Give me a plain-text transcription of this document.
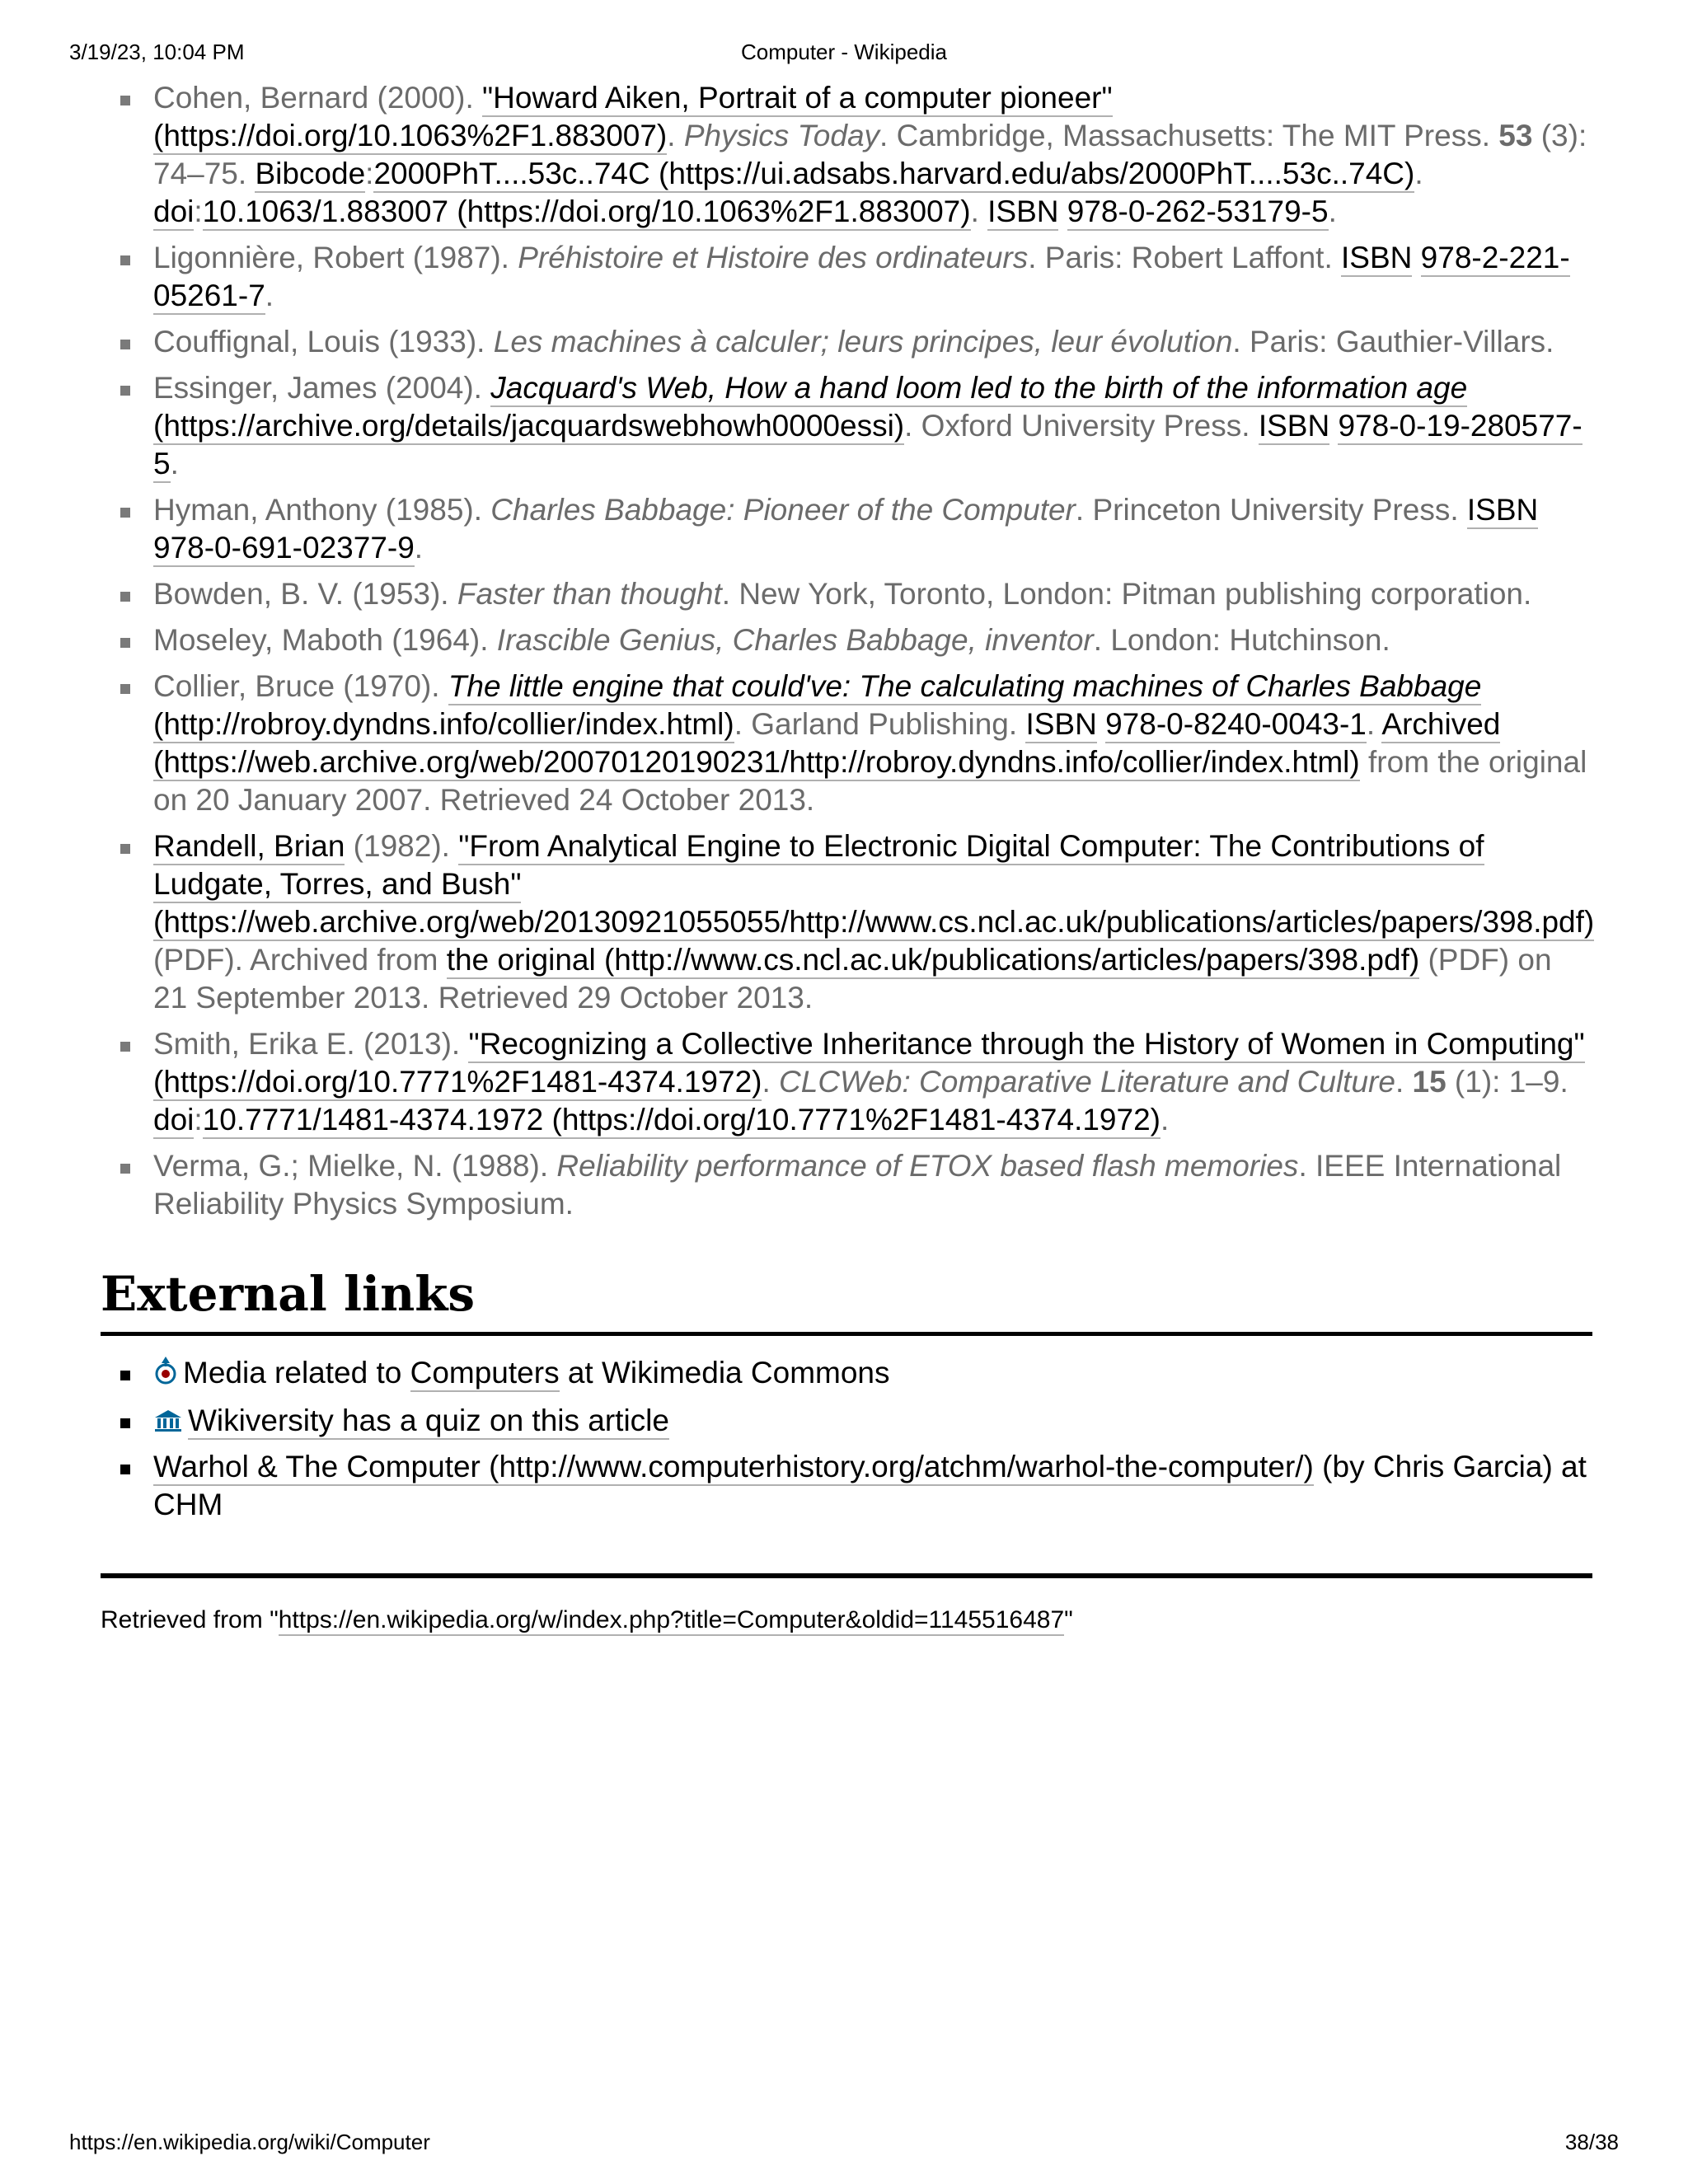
3/19/23, 10:04 PM	Computer - Wikipedia
Cohen, Bernard (2000). "Howard Aiken, Portrait of a computer pioneer" (https://doi.org/10.1063%2F1.883007). Physics Today. Cambridge, Massachusetts: The MIT Press. 53 (3): 74–75. Bibcode:2000PhT....53c..74C (https://ui.adsabs.harvard.edu/abs/2000PhT....53c..74C). doi:10.1063/1.883007 (https://doi.org/10.1063%2F1.883007). ISBN 978-0-262-53179-5.
Ligonnière, Robert (1987). Préhistoire et Histoire des ordinateurs. Paris: Robert Laffont. ISBN 978-2-221-05261-7.
Couffignal, Louis (1933). Les machines à calculer; leurs principes, leur évolution. Paris: Gauthier-Villars.
Essinger, James (2004). Jacquard's Web, How a hand loom led to the birth of the information age (https://archive.org/details/jacquardswebhowh0000essi). Oxford University Press. ISBN 978-0-19-280577-5.
Hyman, Anthony (1985). Charles Babbage: Pioneer of the Computer. Princeton University Press. ISBN 978-0-691-02377-9.
Bowden, B. V. (1953). Faster than thought. New York, Toronto, London: Pitman publishing corporation.
Moseley, Maboth (1964). Irascible Genius, Charles Babbage, inventor. London: Hutchinson.
Collier, Bruce (1970). The little engine that could've: The calculating machines of Charles Babbage (http://robroy.dyndns.info/collier/index.html). Garland Publishing. ISBN 978-0-8240-0043-1. Archived (https://web.archive.org/web/20070120190231/http://robroy.dyndns.info/collier/index.html) from the original on 20 January 2007. Retrieved 24 October 2013.
Randell, Brian (1982). "From Analytical Engine to Electronic Digital Computer: The Contributions of Ludgate, Torres, and Bush" (https://web.archive.org/web/20130921055055/http://www.cs.ncl.ac.uk/publications/articles/papers/398.pdf) (PDF). Archived from the original (http://www.cs.ncl.ac.uk/publications/articles/papers/398.pdf) (PDF) on 21 September 2013. Retrieved 29 October 2013.
Smith, Erika E. (2013). "Recognizing a Collective Inheritance through the History of Women in Computing" (https://doi.org/10.7771%2F1481-4374.1972). CLCWeb: Comparative Literature and Culture. 15 (1): 1–9. doi:10.7771/1481-4374.1972 (https://doi.org/10.7771%2F1481-4374.1972).
Verma, G.; Mielke, N. (1988). Reliability performance of ETOX based flash memories. IEEE International Reliability Physics Symposium.
External links
Media related to Computers at Wikimedia Commons
Wikiversity has a quiz on this article
Warhol & The Computer (http://www.computerhistory.org/atchm/warhol-the-computer/) (by Chris Garcia) at CHM
Retrieved from "https://en.wikipedia.org/w/index.php?title=Computer&oldid=1145516487"
https://en.wikipedia.org/wiki/Computer	38/38
